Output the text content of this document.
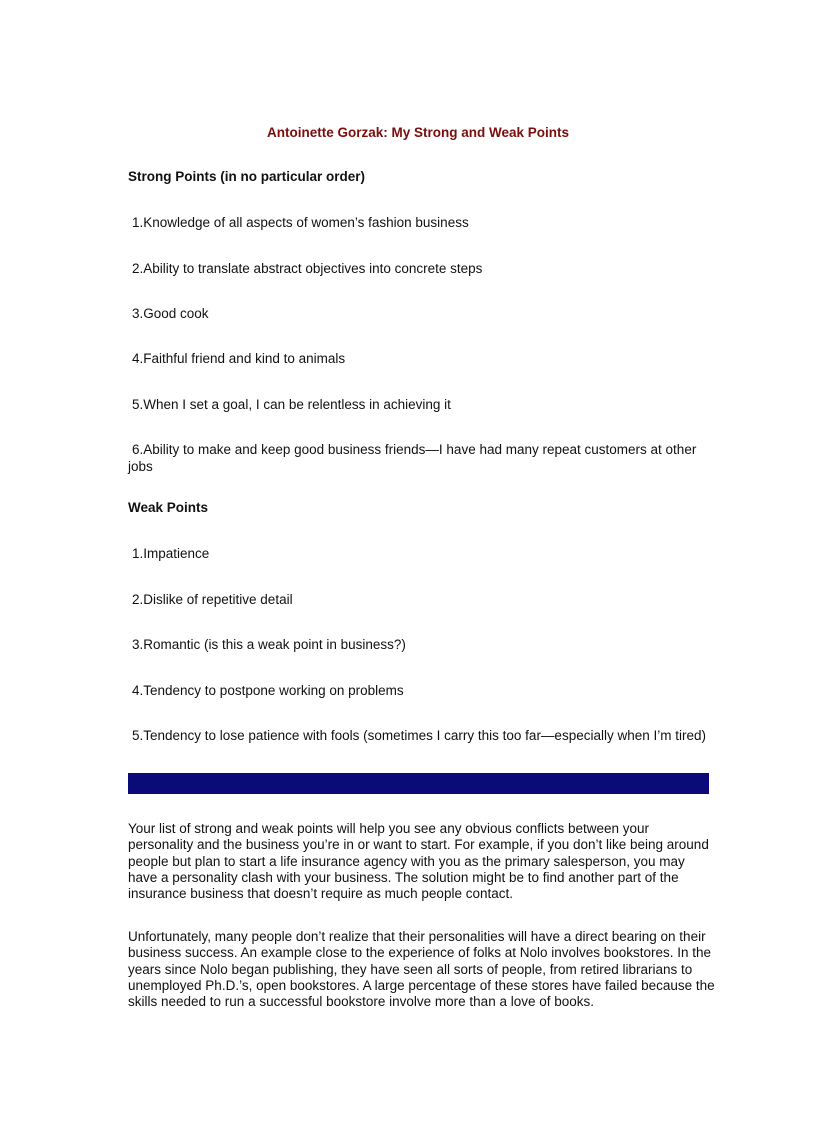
Antoinette Gorzak: My Strong and Weak Points
Strong Points (in no particular order)

1.Knowledge of all aspects of women’s fashion business

2.Ability to translate abstract objectives into concrete steps

3.Good cook

4.Faithful friend and kind to animals

5.When I set a goal, I can be relentless in achieving it

6.Ability to make and keep good business friends—I have had many repeat customers at other jobs

Weak Points

1.Impatience

2.Dislike of repetitive detail

3.Romantic (is this a weak point in business?)

4.Tendency to postpone working on problems

5.Tendency to lose patience with fools (sometimes I carry this too far—especially when I’m tired)

Your list of strong and weak points will help you see any obvious conflicts between your personality and the business you’re in or want to start. For example, if you don’t like being around people but plan to start a life insurance agency with you as the primary salesperson, you may have a personality clash with your business. The solution might be to find another part of the insurance business that doesn’t require as much people contact.

Unfortunately, many people don’t realize that their personalities will have a direct bearing on their business success. An example close to the experience of folks at Nolo involves bookstores. In the years since Nolo began publishing, they have seen all sorts of people, from retired librarians to unemployed Ph.D.’s, open bookstores. A large percentage of these stores have failed because the skills needed to run a successful bookstore involve more than a love of books.
